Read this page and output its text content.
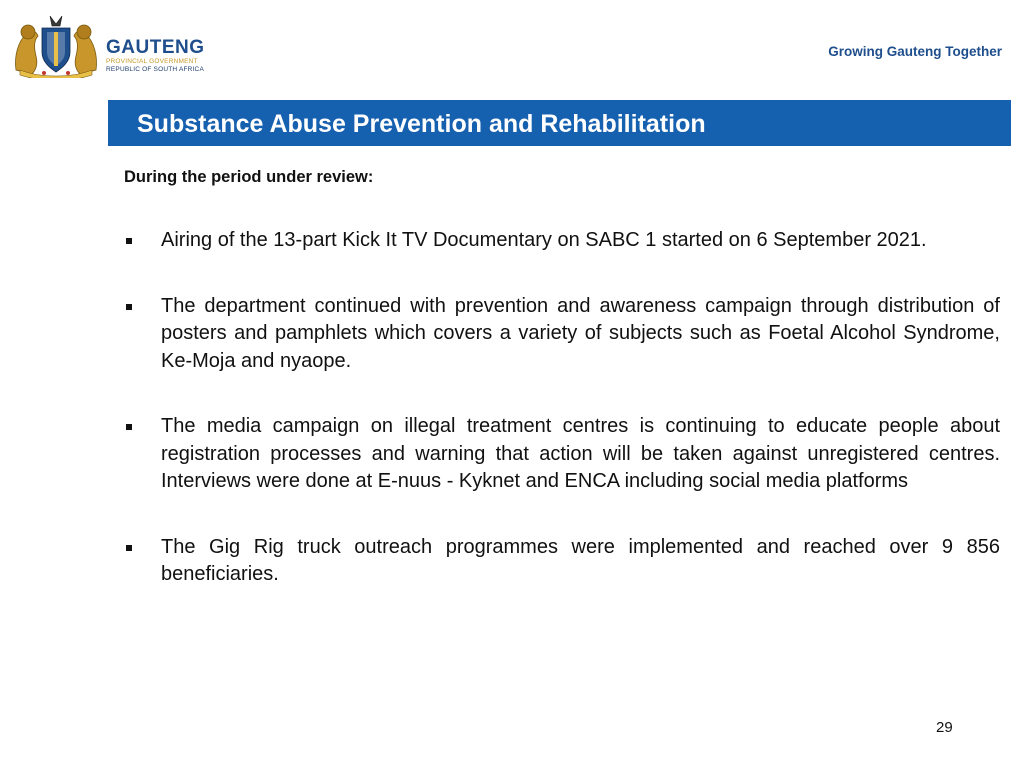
GAUTENG
PROVINCIAL GOVERNMENT
REPUBLIC OF SOUTH AFRICA
Growing Gauteng Together
Substance Abuse Prevention and Rehabilitation
During the period under review:
Airing of the 13-part Kick It TV Documentary on SABC 1 started on 6 September 2021.
The department continued with prevention and awareness campaign through distribution of posters and pamphlets which covers a variety of subjects such as Foetal Alcohol Syndrome, Ke-Moja and nyaope.
The media campaign on illegal treatment centres is continuing to educate people about registration processes and warning that action will be taken against unregistered centres. Interviews were done at E-nuus - Kyknet and ENCA including social media platforms
The Gig Rig truck outreach programmes were implemented and reached over 9 856 beneficiaries.
29
